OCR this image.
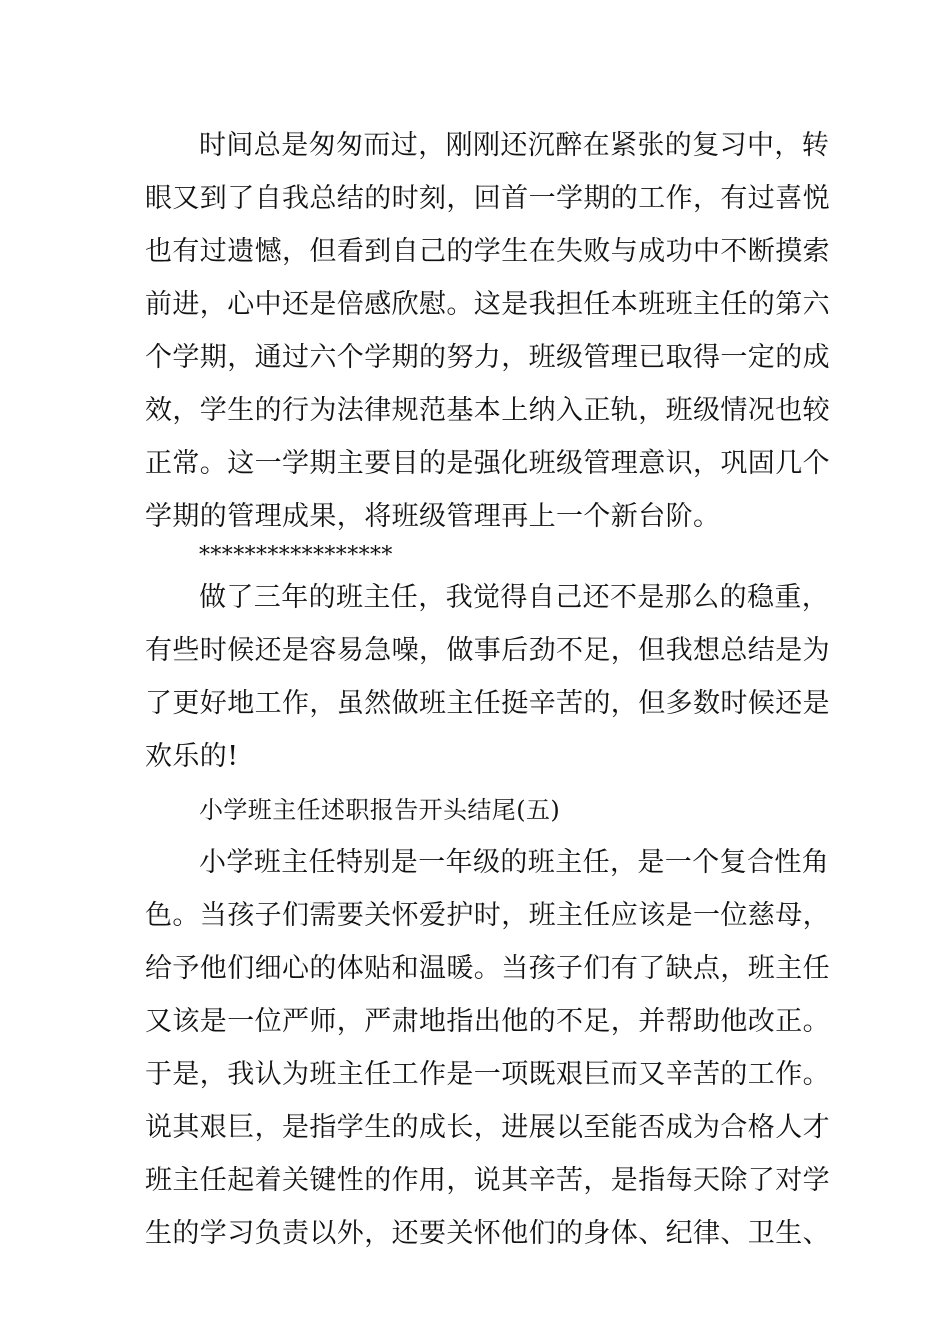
时间总是匆匆而过，刚刚还沉醉在紧张的复习中，转
眼又到了自我总结的时刻，回首一学期的工作，有过喜悦
也有过遗憾，但看到自己的学生在失败与成功中不断摸索
前进，心中还是倍感欣慰。这是我担任本班班主任的第六
个学期，通过六个学期的努力，班级管理已取得一定的成
效，学生的行为法律规范基本上纳入正轨，班级情况也较
正常。这一学期主要目的是强化班级管理意识，巩固几个
学期的管理成果，将班级管理再上一个新台阶。
*****************
做了三年的班主任，我觉得自己还不是那么的稳重，
有些时候还是容易急噪，做事后劲不足，但我想总结是为
了更好地工作，虽然做班主任挺辛苦的，但多数时候还是
欢乐的!
小学班主任述职报告开头结尾(五)
小学班主任特别是一年级的班主任，是一个复合性角
色。当孩子们需要关怀爱护时，班主任应该是一位慈母，
给予他们细心的体贴和温暖。当孩子们有了缺点，班主任
又该是一位严师，严肃地指出他的不足，并帮助他改正。
于是，我认为班主任工作是一项既艰巨而又辛苦的工作。
说其艰巨，是指学生的成长，进展以至能否成为合格人才
班主任起着关键性的作用，说其辛苦，是指每天除了对学
生的学习负责以外，还要关怀他们的身体、纪律、卫生、
